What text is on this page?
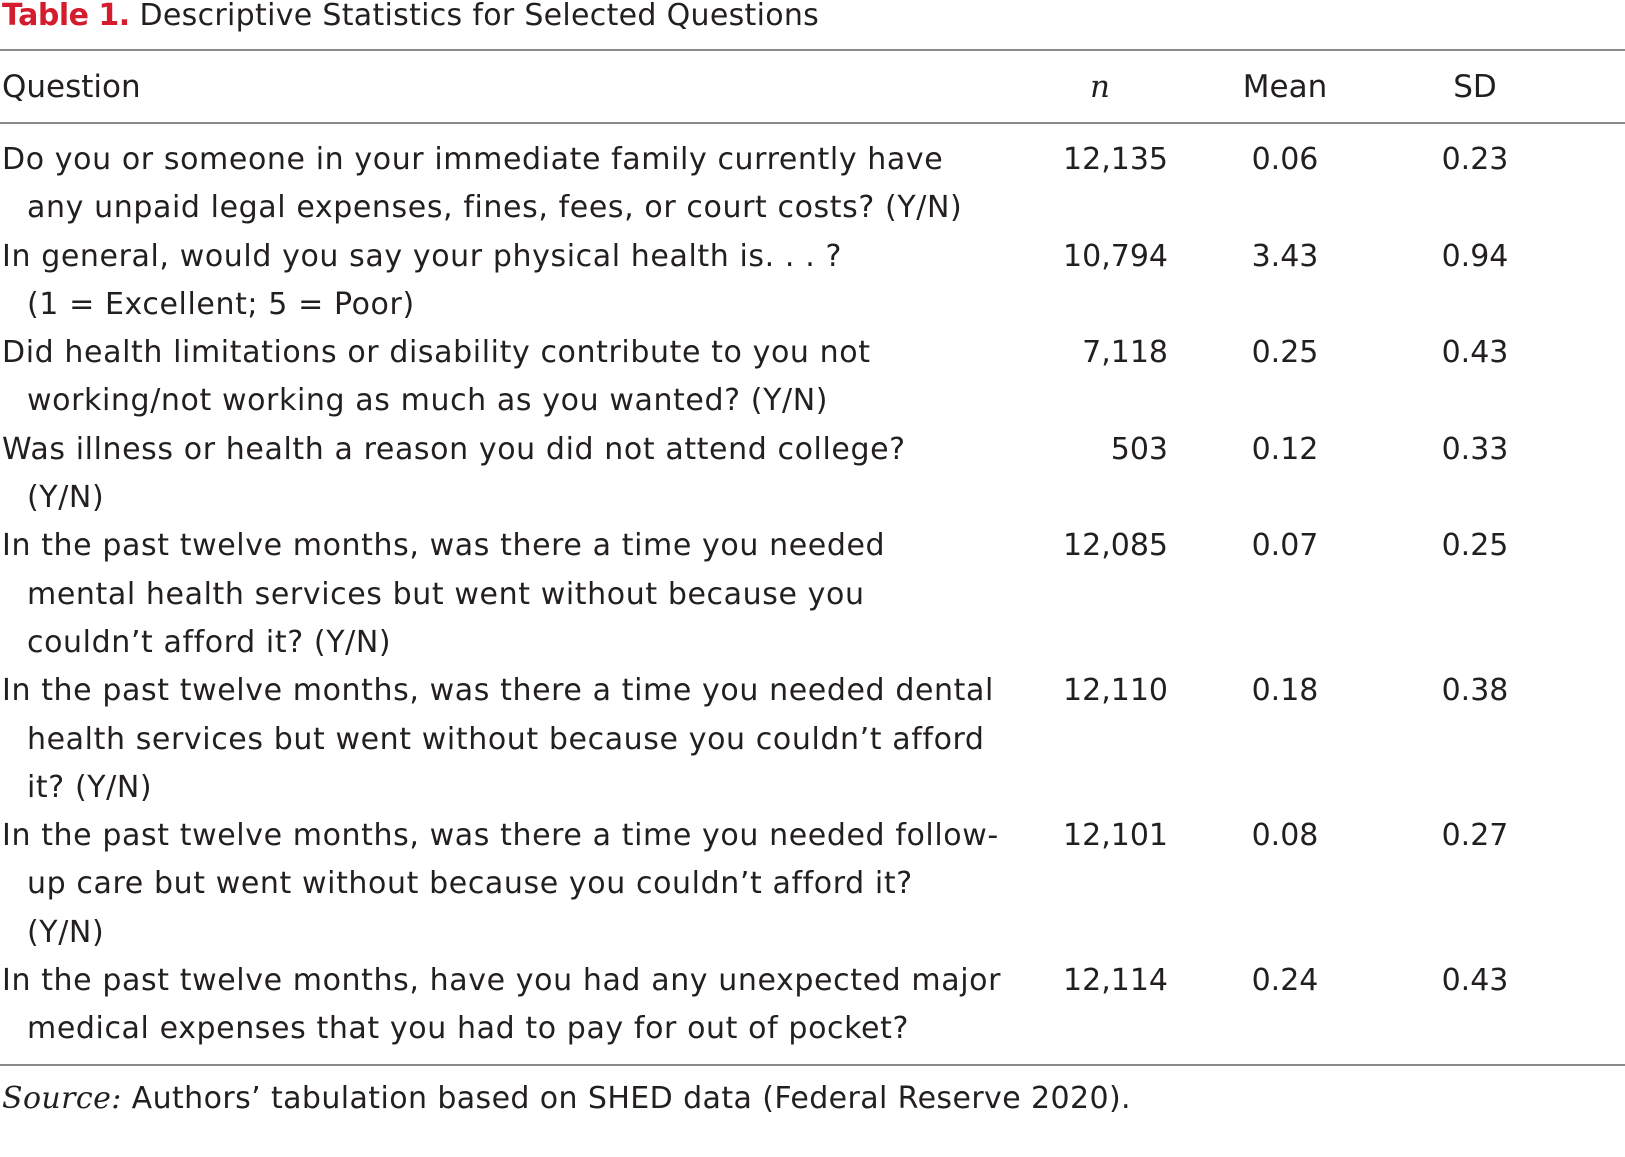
Table 1. Descriptive Statistics for Selected Questions
Question	n	Mean	SD
Do you or someone in your immediate family currently have
any unpaid legal expenses, fines, fees, or court costs? (Y/N)
12,135	0.06	0.23
In general, would you say your physical health is. . . ?
(1 = Excellent; 5 = Poor)
10,794	3.43	0.94
Did health limitations or disability contribute to you not
working/not working as much as you wanted? (Y/N)
7,118	0.25	0.43
Was illness or health a reason you did not attend college?
(Y/N)
503	0.12	0.33
In the past twelve months, was there a time you needed
mental health services but went without because you
couldn’t afford it? (Y/N)
12,085	0.07	0.25
In the past twelve months, was there a time you needed dental
health services but went without because you couldn’t afford
it? (Y/N)
12,110	0.18	0.38
In the past twelve months, was there a time you needed follow-
up care but went without because you couldn’t afford it?
(Y/N)
12,101	0.08	0.27
In the past twelve months, have you had any unexpected major
medical expenses that you had to pay for out of pocket?
12,114	0.24	0.43
Source: Authors’ tabulation based on SHED data (Federal Reserve 2020).
